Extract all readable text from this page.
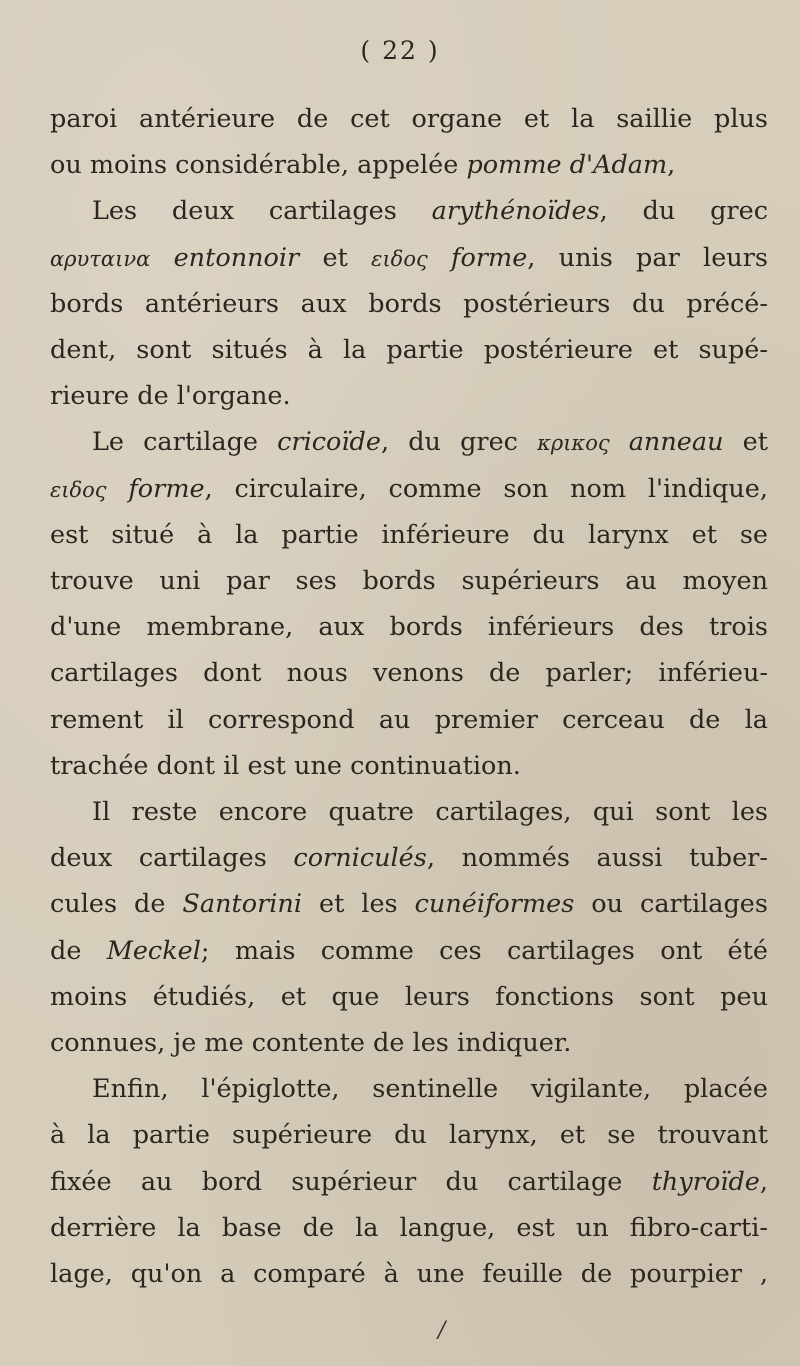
( 22 )
paroi antérieure de cet organe et la saillie plus
ou moins considérable, appelée pomme d'Adam,
Les deux cartilages arythénoïdes, du grec
αρυταινα entonnoir et ειδος forme, unis par leurs
bords antérieurs aux bords postérieurs du précé-
dent, sont situés à la partie postérieure et supé-
rieure de l'organe.
Le cartilage cricoïde, du grec κρικος anneau et
ειδος forme, circulaire, comme son nom l'indique,
est situé à la partie inférieure du larynx et se
trouve uni par ses bords supérieurs au moyen
d'une membrane, aux bords inférieurs des trois
cartilages dont nous venons de parler; inférieu-
rement il correspond au premier cerceau de la
trachée dont il est une continuation.
Il reste encore quatre cartilages, qui sont les
deux cartilages corniculés, nommés aussi tuber-
cules de Santorini et les cunéiformes ou cartilages
de Meckel; mais comme ces cartilages ont été
moins étudiés, et que leurs fonctions sont peu
connues, je me contente de les indiquer.
Enfin, l'épiglotte, sentinelle vigilante, placée
à la partie supérieure du larynx, et se trouvant
fixée au bord supérieur du cartilage thyroïde,
derrière la base de la langue, est un fibro-carti-
lage, qu'on a comparé à une feuille de pourpier ,
/
